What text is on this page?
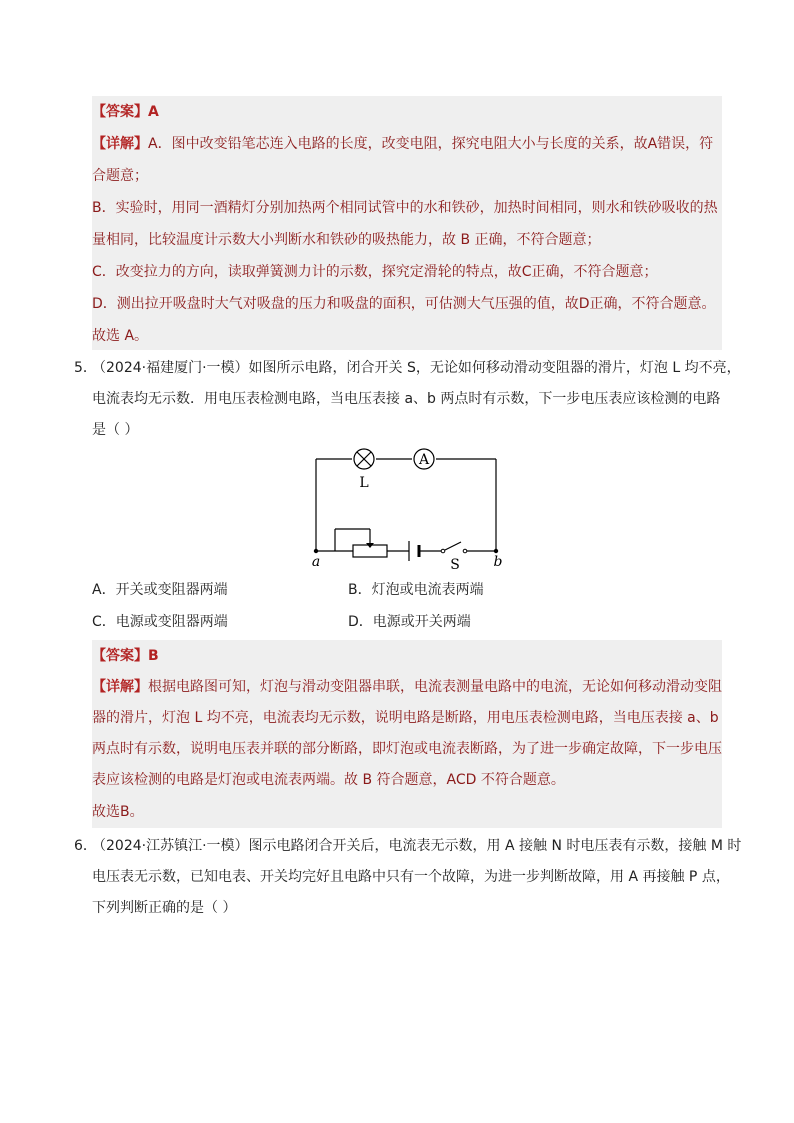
【答案】A
【详解】A．图中改变铅笔芯连入电路的长度，改变电阻，探究电阻大小与长度的关系，故A错误，符
合题意；
B．实验时，用同一酒精灯分别加热两个相同试管中的水和铁砂，加热时间相同，则水和铁砂吸收的热
量相同，比较温度计示数大小判断水和铁砂的吸热能力，故 B 正确，不符合题意；
C．改变拉力的方向，读取弹簧测力计的示数，探究定滑轮的特点，故C正确，不符合题意；
D．测出拉开吸盘时大气对吸盘的压力和吸盘的面积，可估测大气压强的值，故D正确，不符合题意。
故选 A。
5．
（2024·福建厦门·一模）如图所示电路，闭合开关 S，无论如何移动滑动变阻器的滑片，灯泡 L 均不亮，
电流表均无示数．用电压表检测电路，当电压表接 a、b 两点时有示数，下一步电压表应该检测的电路
是（ ）
A
L
S
a	b
A．开关或变阻器两端	B．灯泡或电流表两端
C．电源或变阻器两端	D．电源或开关两端
【答案】B
【详解】根据电路图可知，灯泡与滑动变阻器串联，电流表测量电路中的电流，无论如何移动滑动变阻
器的滑片，灯泡 L 均不亮，电流表均无示数，说明电路是断路，用电压表检测电路，当电压表接 a、b
两点时有示数，说明电压表并联的部分断路，即灯泡或电流表断路，为了进一步确定故障，下一步电压
表应该检测的电路是灯泡或电流表两端。故 B 符合题意，ACD 不符合题意。
故选B。
6．
（2024·江苏镇江·一模）图示电路闭合开关后，电流表无示数，用 A 接触 N 时电压表有示数，接触 M 时
电压表无示数，已知电表、开关均完好且电路中只有一个故障，为进一步判断故障，用 A 再接触 P 点，
下列判断正确的是（ ）
